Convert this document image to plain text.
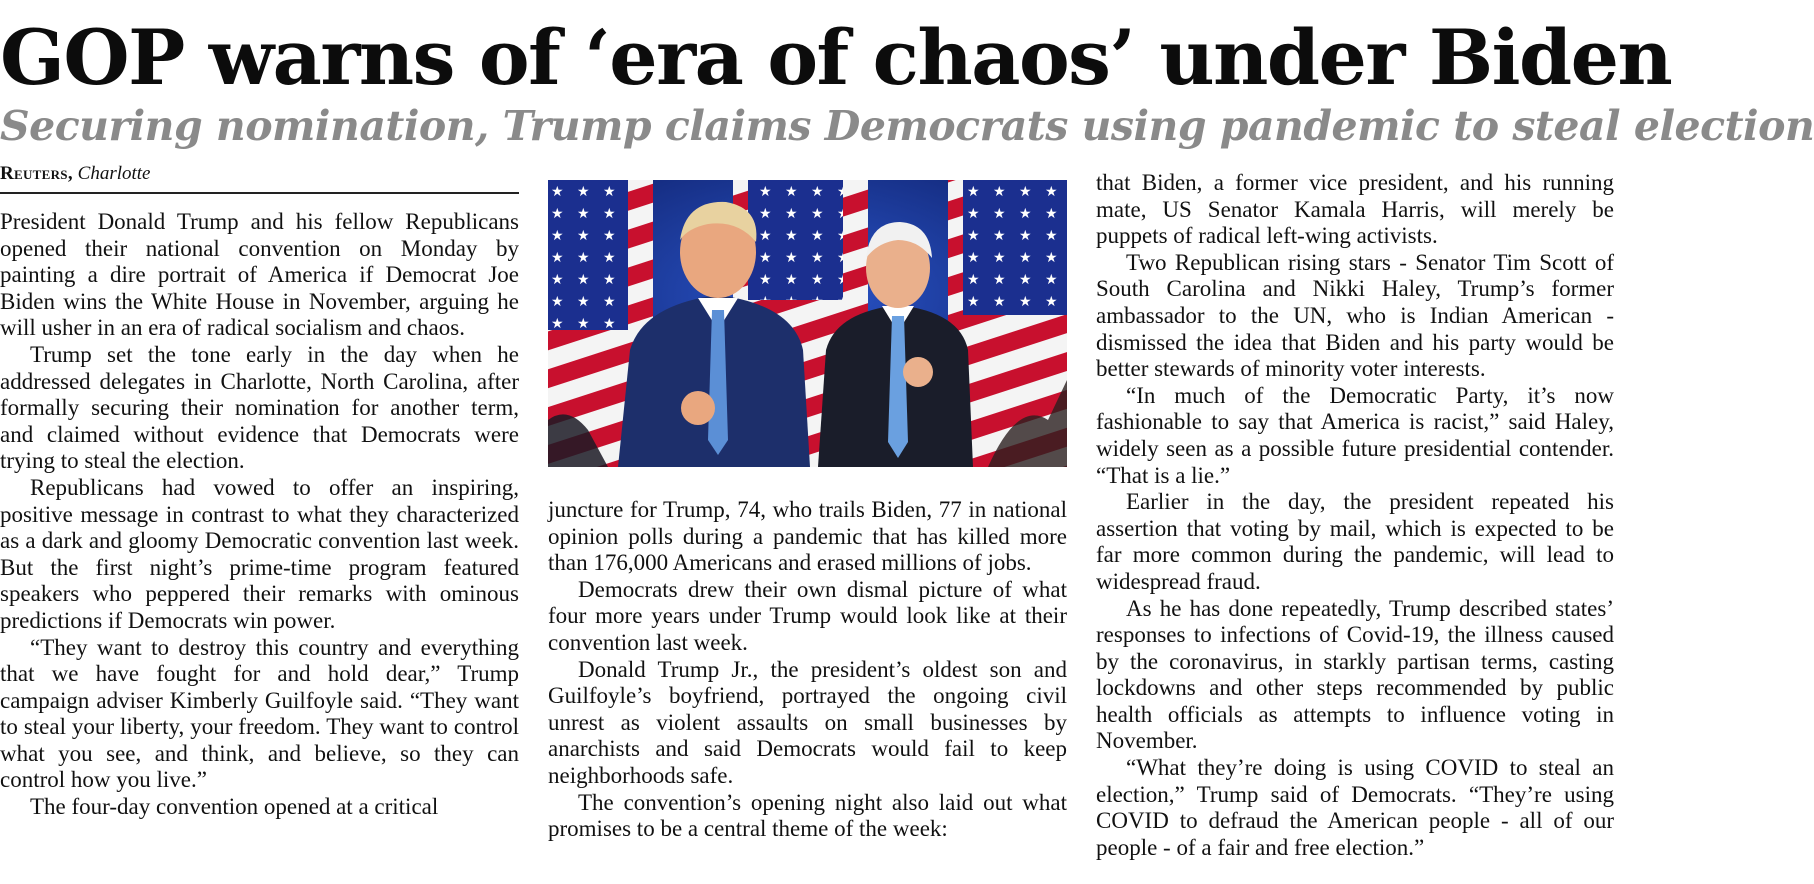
GOP warns of ‘era of chaos’ under Biden
Securing nomination, Trump claims Democrats using pandemic to steal election
Reuters, Charlotte

President Donald Trump and his fellow Republicans opened their national convention on Monday by painting a dire portrait of America if Democrat Joe Biden wins the White House in November, arguing he will usher in an era of radical socialism and chaos.

Trump set the tone early in the day when he addressed delegates in Charlotte, North Carolina, after formally securing their nomination for another term, and claimed without evidence that Democrats were trying to steal the election.

Republicans had vowed to offer an inspiring, positive message in contrast to what they characterized as a dark and gloomy Democratic convention last week. But the first night’s prime-time program featured speakers who peppered their remarks with ominous predictions if Democrats win power.

“They want to destroy this country and everything that we have fought for and hold dear,” Trump campaign adviser Kimberly Guilfoyle said. “They want to steal your liberty, your freedom. They want to control what you see, and think, and believe, so they can control how you live.”

The four-day convention opened at a critical

juncture for Trump, 74, who trails Biden, 77 in national opinion polls during a pandemic that has killed more than 176,000 Americans and erased millions of jobs.

Democrats drew their own dismal picture of what four more years under Trump would look like at their convention last week.

Donald Trump Jr., the president’s oldest son and Guilfoyle’s boyfriend, portrayed the ongoing civil unrest as violent assaults on small businesses by anarchists and said Democrats would fail to keep neighborhoods safe.

The convention’s opening night also laid out what promises to be a central theme of the week:

that Biden, a former vice president, and his running mate, US Senator Kamala Harris, will merely be puppets of radical left-wing activists.

Two Republican rising stars - Senator Tim Scott of South Carolina and Nikki Haley, Trump’s former ambassador to the UN, who is Indian American - dismissed the idea that Biden and his party would be better stewards of minority voter interests.

“In much of the Democratic Party, it’s now fashionable to say that America is racist,” said Haley, widely seen as a possible future presidential contender. “That is a lie.”

Earlier in the day, the president repeated his assertion that voting by mail, which is expected to be far more common during the pandemic, will lead to widespread fraud.

As he has done repeatedly, Trump described states’ responses to infections of Covid-19, the illness caused by the coronavirus, in starkly partisan terms, casting lockdowns and other steps recommended by public health officials as attempts to influence voting in November.

“What they’re doing is using COVID to steal an election,” Trump said of Democrats. “They’re using COVID to defraud the American people - all of our people - of a fair and free election.”
